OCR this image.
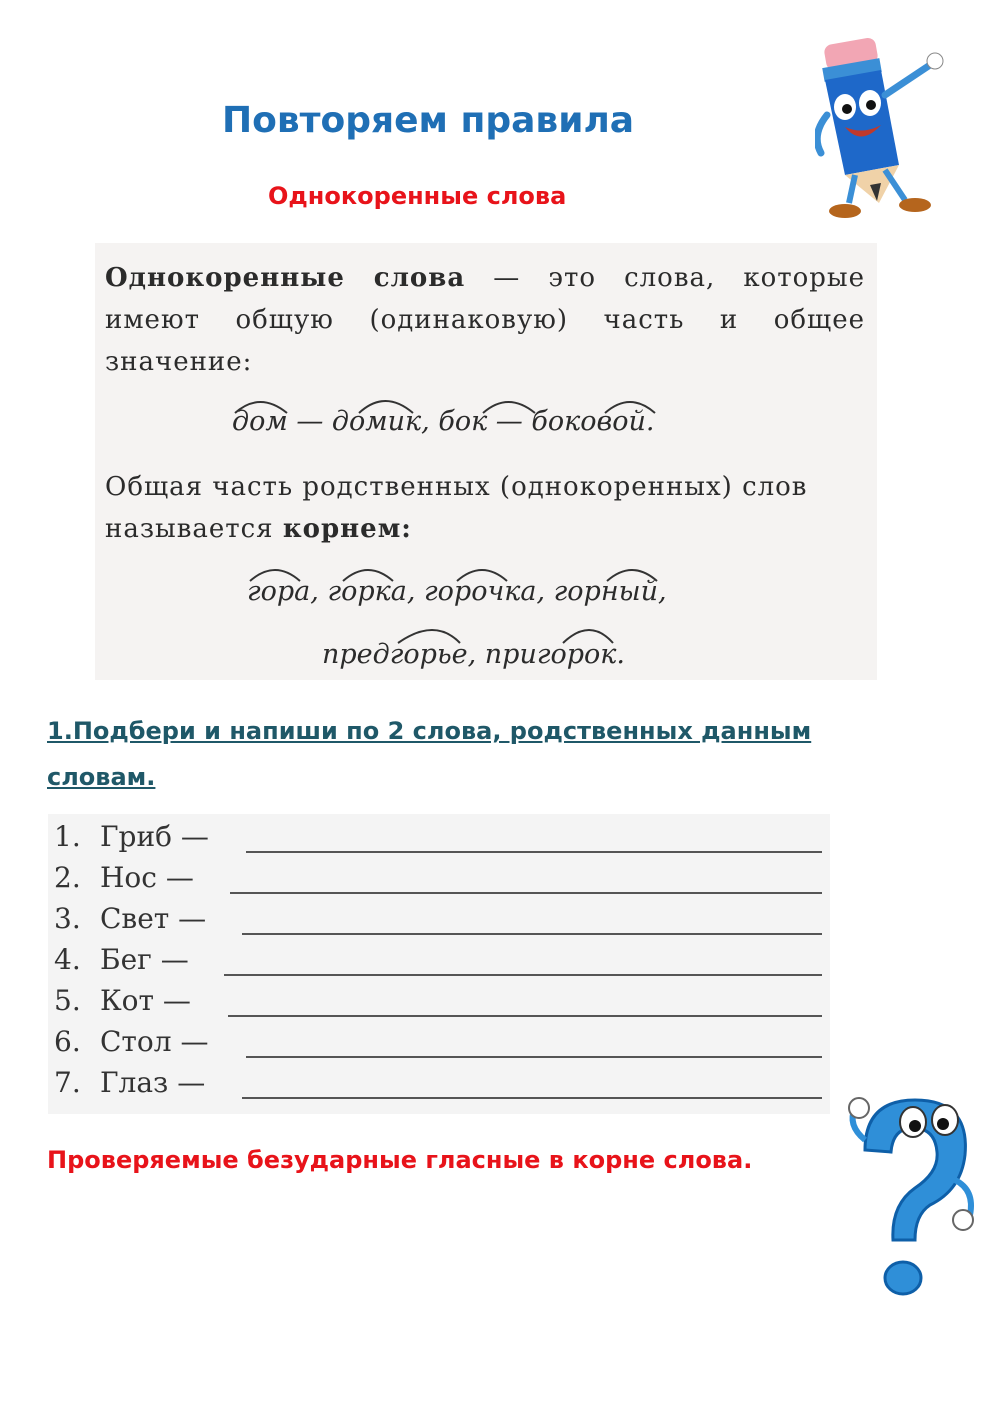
Повторяем правила
Однокоренные слова
Однокоренные слова — это слова, которые имеют общую (одинаковую) часть и общее значение:
дом — домик, бок — боковой.
Общая часть родственных (однокоренных) слов называется корнем:
гора, горка, горочка, горный,
предгорье, пригорок.
1.Подбери и напиши по 2 слова, родственных данным словам.
1. Гриб —
2. Нос —
3. Свет —
4. Бег —
5. Кот —
6. Стол —
7. Глаз —
Проверяемые безударные гласные в корне слова.
